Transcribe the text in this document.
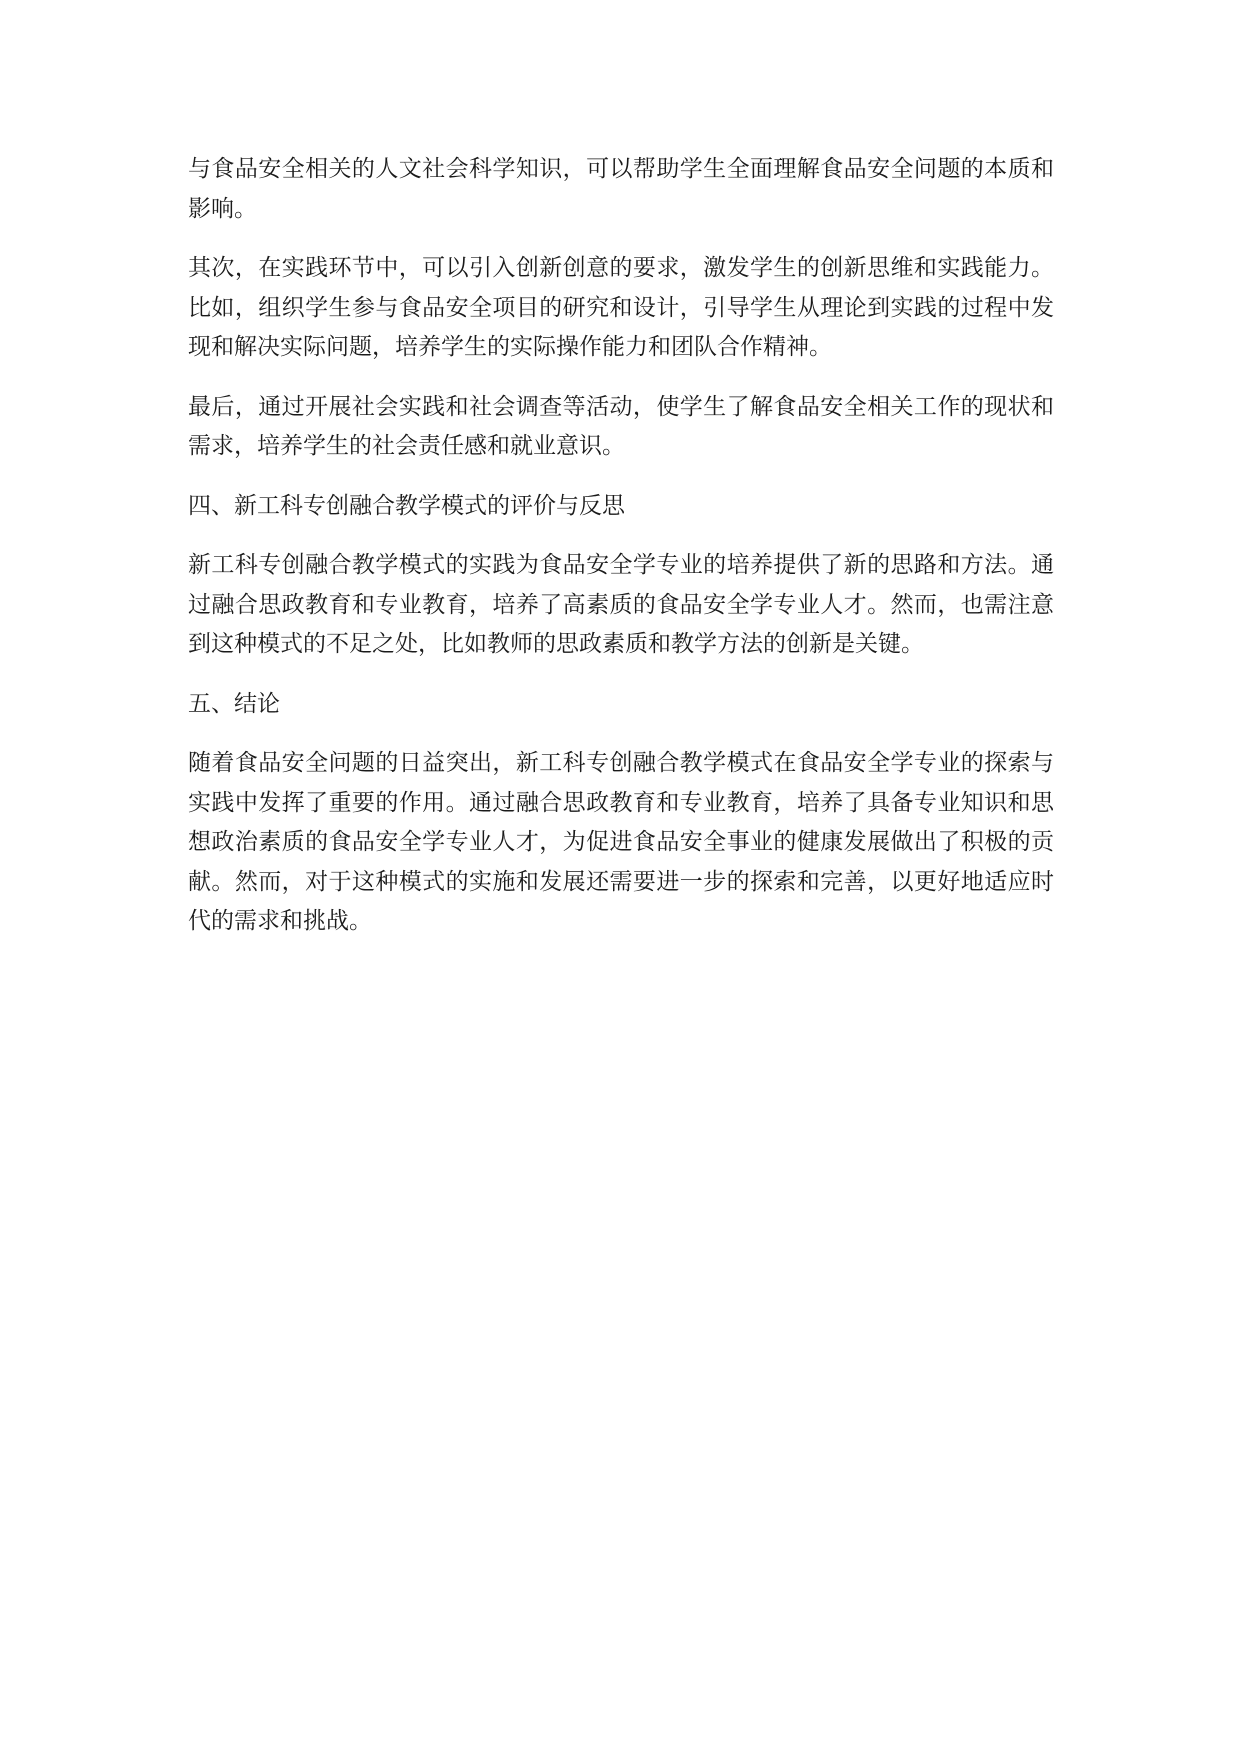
与食品安全相关的人文社会科学知识，可以帮助学生全面理解食品安全问题的本质和影响。

其次，在实践环节中，可以引入创新创意的要求，激发学生的创新思维和实践能力。比如，组织学生参与食品安全项目的研究和设计，引导学生从理论到实践的过程中发现和解决实际问题，培养学生的实际操作能力和团队合作精神。

最后，通过开展社会实践和社会调查等活动，使学生了解食品安全相关工作的现状和需求，培养学生的社会责任感和就业意识。

四、新工科专创融合教学模式的评价与反思

新工科专创融合教学模式的实践为食品安全学专业的培养提供了新的思路和方法。通过融合思政教育和专业教育，培养了高素质的食品安全学专业人才。然而，也需注意到这种模式的不足之处，比如教师的思政素质和教学方法的创新是关键。

五、结论

随着食品安全问题的日益突出，新工科专创融合教学模式在食品安全学专业的探索与实践中发挥了重要的作用。通过融合思政教育和专业教育，培养了具备专业知识和思想政治素质的食品安全学专业人才，为促进食品安全事业的健康发展做出了积极的贡献。然而，对于这种模式的实施和发展还需要进一步的探索和完善，以更好地适应时代的需求和挑战。
